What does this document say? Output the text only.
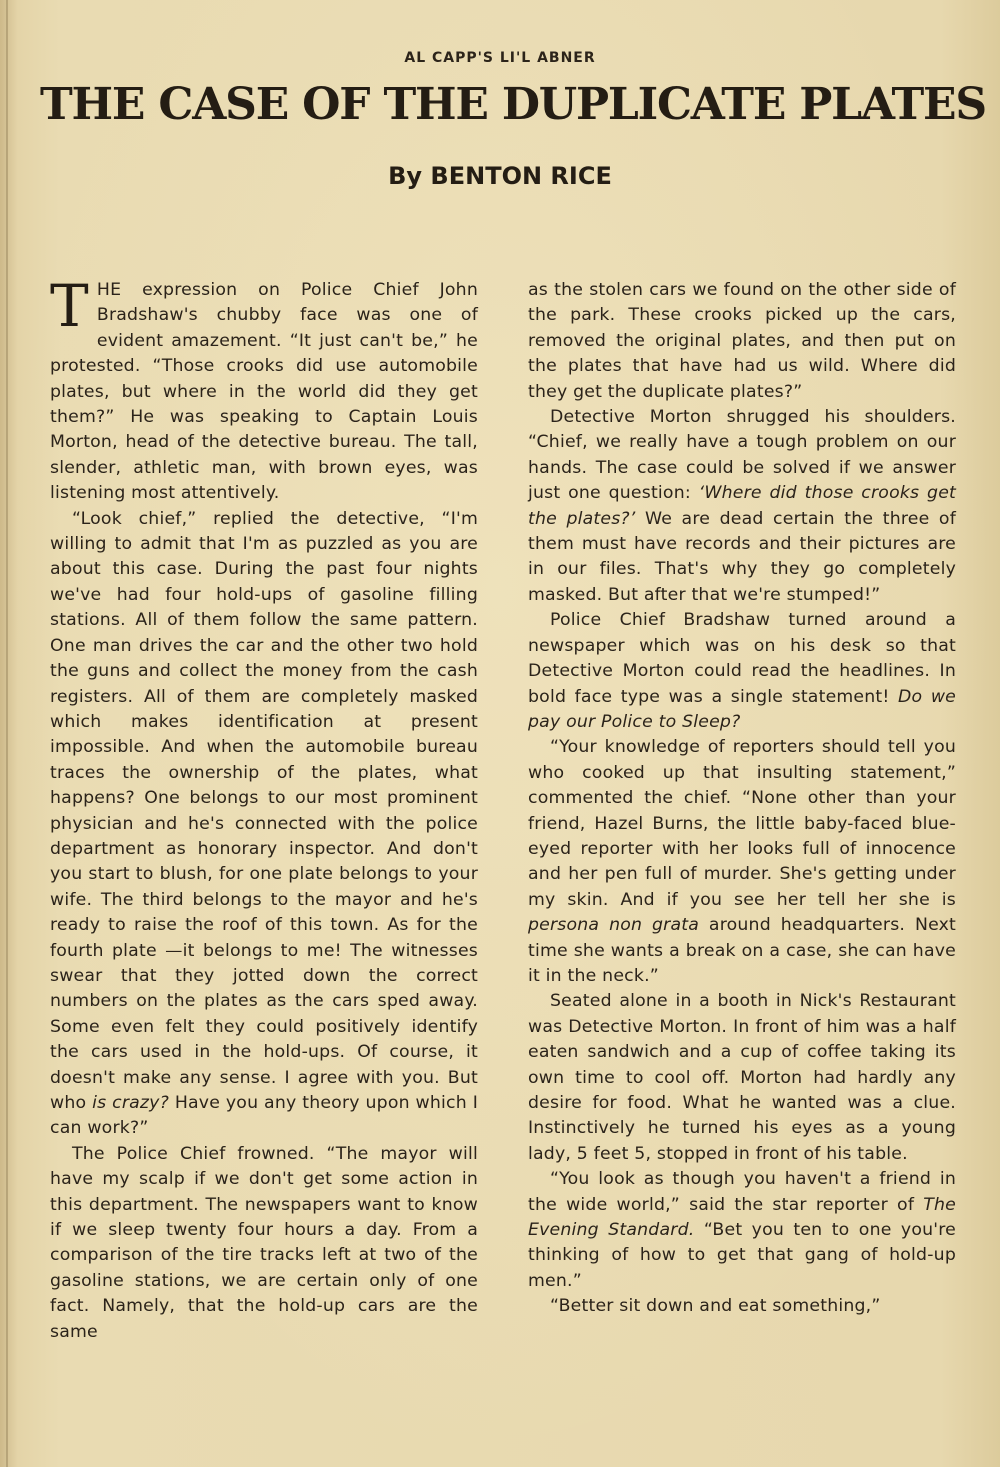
AL CAPP'S LI'L ABNER
THE CASE OF THE DUPLICATE PLATES
By BENTON RICE

THE expression on Police Chief John Bradshaw's chubby face was one of evident amazement. “It just can't be,” he protested. “Those crooks did use automobile plates, but where in the world did they get them?” He was speaking to Captain Louis Morton, head of the detective bureau. The tall, slender, athletic man, with brown eyes, was listening most attentively.

“Look chief,” replied the detective, “I'm willing to admit that I'm as puzzled as you are about this case. During the past four nights we've had four hold-ups of gasoline filling stations. All of them follow the same pattern. One man drives the car and the other two hold the guns and collect the money from the cash registers. All of them are completely masked which makes identification at present impossible. And when the automobile bureau traces the ownership of the plates, what happens? One belongs to our most prominent physician and he's connected with the police department as honorary inspector. And don't you start to blush, for one plate belongs to your wife. The third belongs to the mayor and he's ready to raise the roof of this town. As for the fourth plate —it belongs to me! The witnesses swear that they jotted down the correct numbers on the plates as the cars sped away. Some even felt they could positively identify the cars used in the hold-ups. Of course, it doesn't make any sense. I agree with you. But who is crazy? Have you any theory upon which I can work?”

The Police Chief frowned. “The mayor will have my scalp if we don't get some action in this department. The newspapers want to know if we sleep twenty four hours a day. From a comparison of the tire tracks left at two of the gasoline stations, we are certain only of one fact. Namely, that the hold-up cars are the same

as the stolen cars we found on the other side of the park. These crooks picked up the cars, removed the original plates, and then put on the plates that have had us wild. Where did they get the duplicate plates?”

Detective Morton shrugged his shoulders. “Chief, we really have a tough problem on our hands. The case could be solved if we answer just one question: ‘Where did those crooks get the plates?’ We are dead certain the three of them must have records and their pictures are in our files. That's why they go completely masked. But after that we're stumped!”

Police Chief Bradshaw turned around a newspaper which was on his desk so that Detective Morton could read the headlines. In bold face type was a single statement! Do we pay our Police to Sleep?

“Your knowledge of reporters should tell you who cooked up that insulting statement,” commented the chief. “None other than your friend, Hazel Burns, the little baby-faced blue-eyed reporter with her looks full of innocence and her pen full of murder. She's getting under my skin. And if you see her tell her she is persona non grata around headquarters. Next time she wants a break on a case, she can have it in the neck.”

Seated alone in a booth in Nick's Restaurant was Detective Morton. In front of him was a half eaten sandwich and a cup of coffee taking its own time to cool off. Morton had hardly any desire for food. What he wanted was a clue. Instinctively he turned his eyes as a young lady, 5 feet 5, stopped in front of his table.

“You look as though you haven't a friend in the wide world,” said the star reporter of The Evening Standard. “Bet you ten to one you're thinking of how to get that gang of hold-up men.”

“Better sit down and eat something,”
